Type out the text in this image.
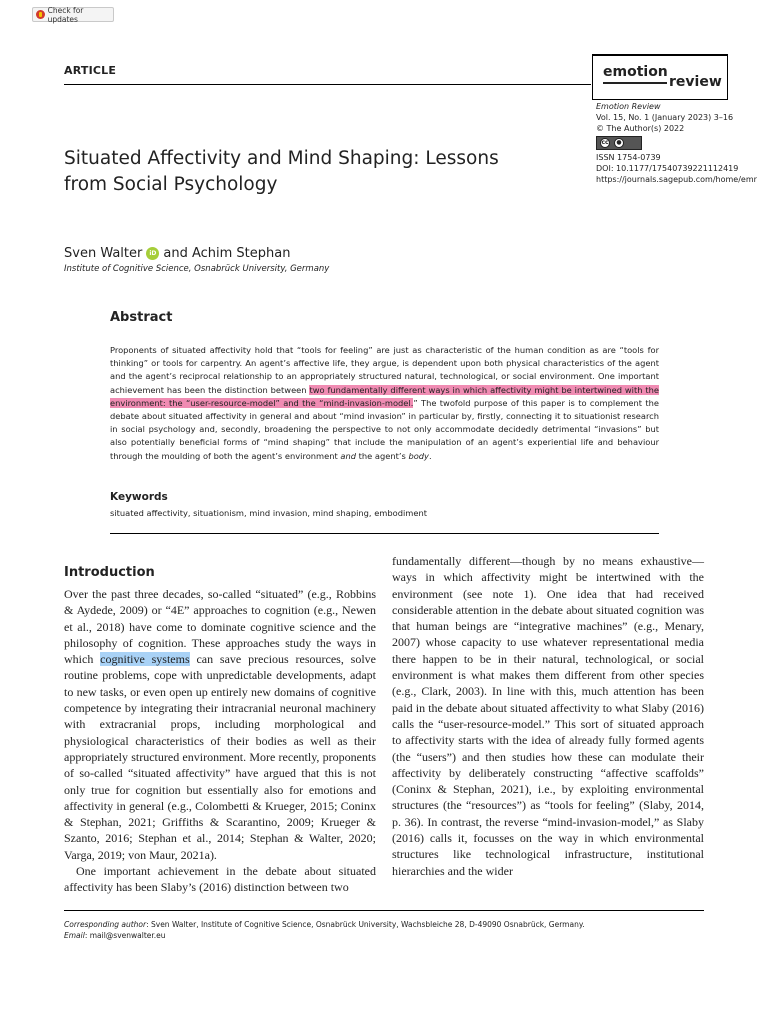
Check for updates
ARTICLE	emotion
review
Emotion Review
Vol. 15, No. 1 (January 2023) 3–16
© The Author(s) 2022
cc	●
ISSN 1754-0739
DOI: 10.1177/17540739221112419
https://journals.sagepub.com/home/emr
Situated Affectivity and Mind Shaping: Lessons from Social Psychology
Sven Walter	iD and Achim Stephan
Institute of Cognitive Science, Osnabrück University, Germany
Abstract

Proponents of situated affectivity hold that “tools for feeling” are just as characteristic of the human condition as are “tools for thinking” or tools for carpentry. An agent’s affective life, they argue, is dependent upon both physical characteristics of the agent and the agent’s reciprocal relationship to an appropriately structured natural, technological, or social environment. One important achievement has been the distinction between two fundamentally different ways in which affectivity might be intertwined with the environment: the “user-resource-model” and the “mind-invasion-model.” The twofold purpose of this paper is to complement the debate about situated affectivity in general and about “mind invasion” in particular by, firstly, connecting it to situationist research in social psychology and, secondly, broadening the perspective to not only accommodate decidedly detrimental “invasions” but also potentially beneficial forms of “mind shaping” that include the manipulation of an agent’s experiential life and behaviour through the moulding of both the agent’s environment and the agent’s body.

Keywords
situated affectivity, situationism, mind invasion, mind shaping, embodiment
Introduction

Over the past three decades, so-called “situated” (e.g., Robbins & Aydede, 2009) or “4E” approaches to cognition (e.g., Newen et al., 2018) have come to dominate cognitive science and the philosophy of cognition. These approaches study the ways in which cognitive systems can save precious resources, solve routine problems, cope with unpredictable developments, adapt to new tasks, or even open up entirely new domains of cognitive competence by integrating their intracranial neuronal machinery with extracranial props, including morphological and physiological characteristics of their bodies as well as their appropriately structured environment. More recently, proponents of so-called “situated affectivity” have argued that this is not only true for cognition but essentially also for emotions and affectivity in general (e.g., Colombetti & Krueger, 2015; Coninx & Stephan, 2021; Griffiths & Scarantino, 2009; Krueger & Szanto, 2016; Stephan et al., 2014; Stephan & Walter, 2020; Varga, 2019; von Maur, 2021a).

One important achievement in the debate about situated affectivity has been Slaby’s (2016) distinction between two

fundamentally different—though by no means exhaustive—ways in which affectivity might be intertwined with the environment (see note 1). One idea that had received considerable attention in the debate about situated cognition was that human beings are “integrative machines” (e.g., Menary, 2007) whose capacity to use whatever representational media there happen to be in their natural, technological, or social environment is what makes them different from other species (e.g., Clark, 2003). In line with this, much attention has been paid in the debate about situated affectivity to what Slaby (2016) calls the “user-resource-model.” This sort of situated approach to affectivity starts with the idea of already fully formed agents (the “users”) and then studies how these can modulate their affectivity by deliberately constructing “affective scaffolds” (Coninx & Stephan, 2021), i.e., by exploiting environmental structures (the “resources”) as “tools for feeling” (Slaby, 2014, p. 36). In contrast, the reverse “mind-invasion-model,” as Slaby (2016) calls it, focusses on the way in which environmental structures like technological infrastructure, institutional hierarchies and the wider

Corresponding author: Sven Walter, Institute of Cognitive Science, Osnabrück University, Wachsbleiche 28, D-49090 Osnabrück, Germany.
Email: mail@svenwalter.eu
